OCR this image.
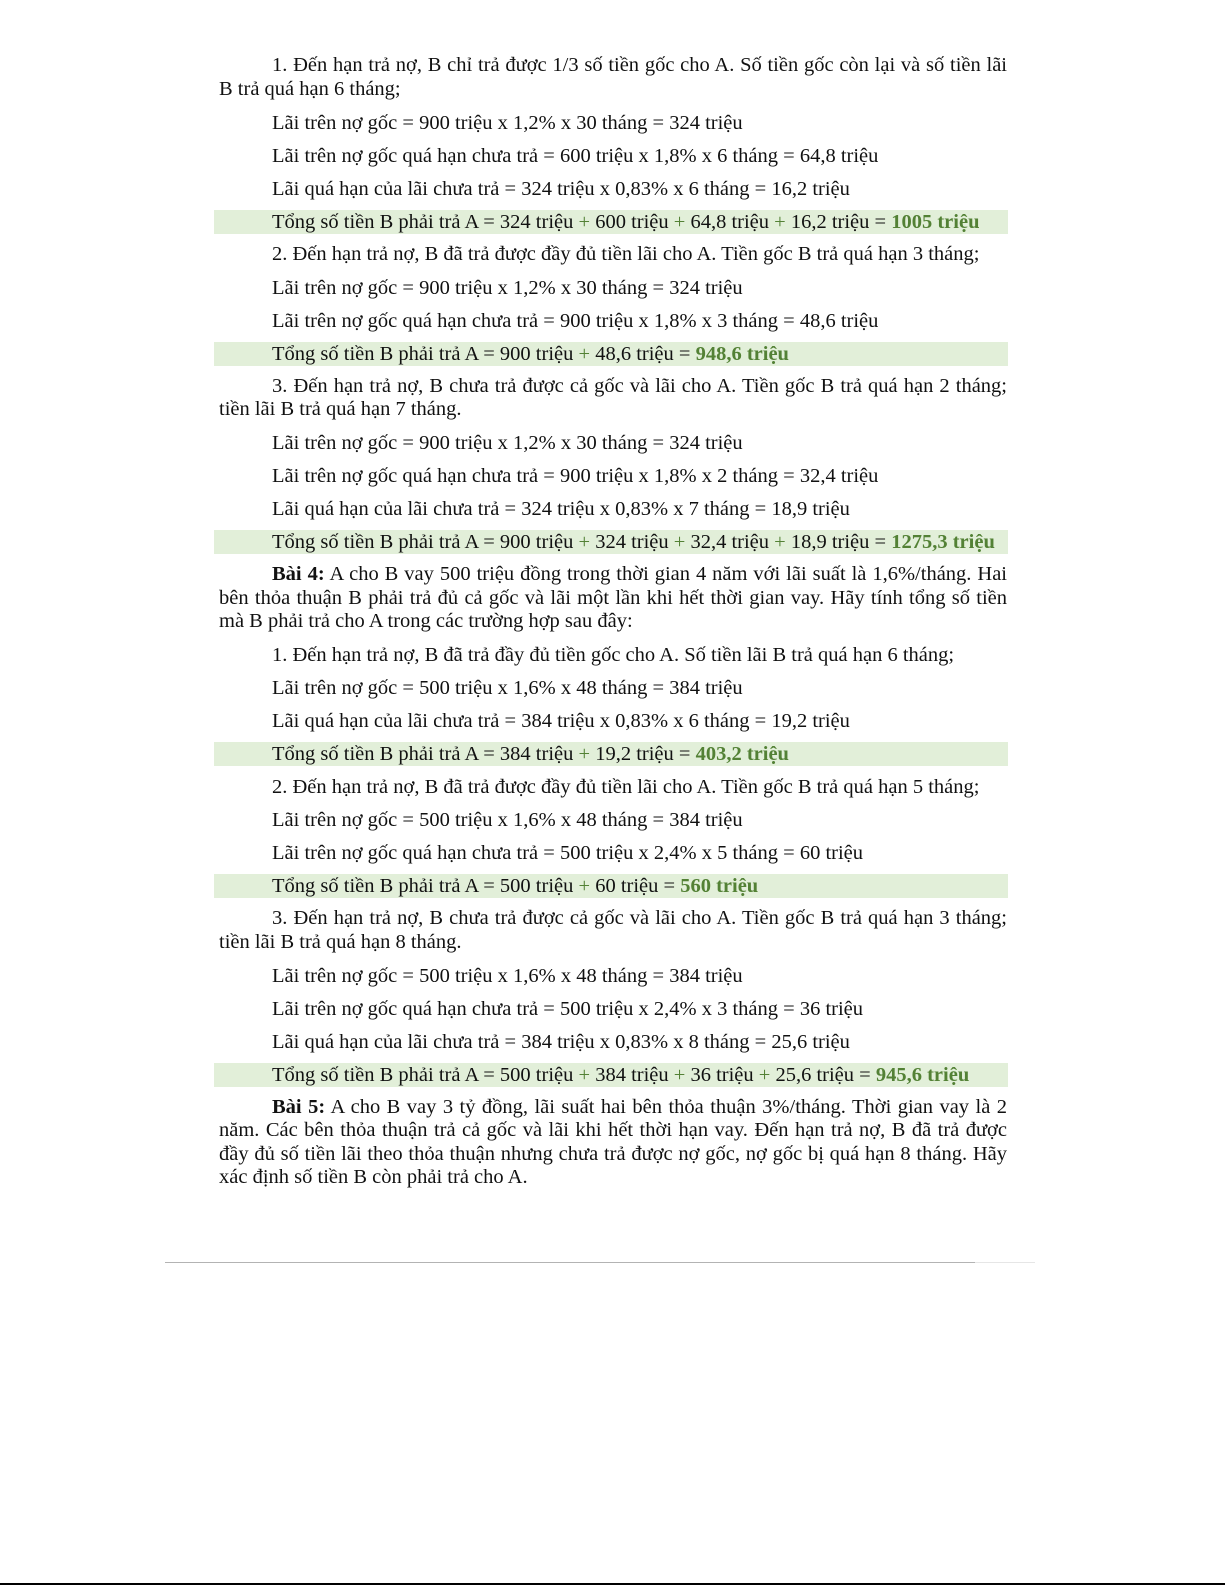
1. Đến hạn trả nợ, B chỉ trả được 1/3 số tiền gốc cho A. Số tiền gốc còn lại và số tiền lãi B trả quá hạn 6 tháng;
Lãi trên nợ gốc = 900 triệu x 1,2% x 30 tháng = 324 triệu
Lãi trên nợ gốc quá hạn chưa trả = 600 triệu x 1,8% x 6 tháng = 64,8 triệu
Lãi quá hạn của lãi chưa trả = 324 triệu x 0,83% x 6 tháng = 16,2 triệu
Tổng số tiền B phải trả A = 324 triệu + 600 triệu + 64,8 triệu + 16,2 triệu = 1005 triệu
2. Đến hạn trả nợ, B đã trả được đầy đủ tiền lãi cho A. Tiền gốc B trả quá hạn 3 tháng;
Lãi trên nợ gốc = 900 triệu x 1,2% x 30 tháng = 324 triệu
Lãi trên nợ gốc quá hạn chưa trả = 900 triệu x 1,8% x 3 tháng = 48,6 triệu
Tổng số tiền B phải trả A = 900 triệu + 48,6 triệu = 948,6 triệu
3. Đến hạn trả nợ, B chưa trả được cả gốc và lãi cho A. Tiền gốc B trả quá hạn 2 tháng; tiền lãi B trả quá hạn 7 tháng.
Lãi trên nợ gốc = 900 triệu x 1,2% x 30 tháng = 324 triệu
Lãi trên nợ gốc quá hạn chưa trả = 900 triệu x 1,8% x 2 tháng = 32,4 triệu
Lãi quá hạn của lãi chưa trả = 324 triệu x 0,83% x 7 tháng = 18,9 triệu
Tổng số tiền B phải trả A = 900 triệu + 324 triệu + 32,4 triệu + 18,9 triệu = 1275,3 triệu
Bài 4: A cho B vay 500 triệu đồng trong thời gian 4 năm với lãi suất là 1,6%/tháng. Hai bên thỏa thuận B phải trả đủ cả gốc và lãi một lần khi hết thời gian vay. Hãy tính tổng số tiền mà B phải trả cho A trong các trường hợp sau đây:
1. Đến hạn trả nợ, B đã trả đầy đủ tiền gốc cho A. Số tiền lãi B trả quá hạn 6 tháng;
Lãi trên nợ gốc = 500 triệu x 1,6% x 48 tháng = 384 triệu
Lãi quá hạn của lãi chưa trả = 384 triệu x 0,83% x 6 tháng = 19,2 triệu
Tổng số tiền B phải trả A = 384 triệu + 19,2 triệu = 403,2 triệu
2. Đến hạn trả nợ, B đã trả được đầy đủ tiền lãi cho A. Tiền gốc B trả quá hạn 5 tháng;
Lãi trên nợ gốc = 500 triệu x 1,6% x 48 tháng = 384 triệu
Lãi trên nợ gốc quá hạn chưa trả = 500 triệu x 2,4% x 5 tháng = 60 triệu
Tổng số tiền B phải trả A = 500 triệu + 60 triệu = 560 triệu
3. Đến hạn trả nợ, B chưa trả được cả gốc và lãi cho A. Tiền gốc B trả quá hạn 3 tháng; tiền lãi B trả quá hạn 8 tháng.
Lãi trên nợ gốc = 500 triệu x 1,6% x 48 tháng = 384 triệu
Lãi trên nợ gốc quá hạn chưa trả = 500 triệu x 2,4% x 3 tháng = 36 triệu
Lãi quá hạn của lãi chưa trả = 384 triệu x 0,83% x 8 tháng = 25,6 triệu
Tổng số tiền B phải trả A = 500 triệu + 384 triệu + 36 triệu + 25,6 triệu = 945,6 triệu
Bài 5: A cho B vay 3 tỷ đồng, lãi suất hai bên thỏa thuận 3%/tháng. Thời gian vay là 2 năm. Các bên thỏa thuận trả cả gốc và lãi khi hết thời hạn vay. Đến hạn trả nợ, B đã trả được đầy đủ số tiền lãi theo thỏa thuận nhưng chưa trả được nợ gốc, nợ gốc bị quá hạn 8 tháng. Hãy xác định số tiền B còn phải trả cho A.
